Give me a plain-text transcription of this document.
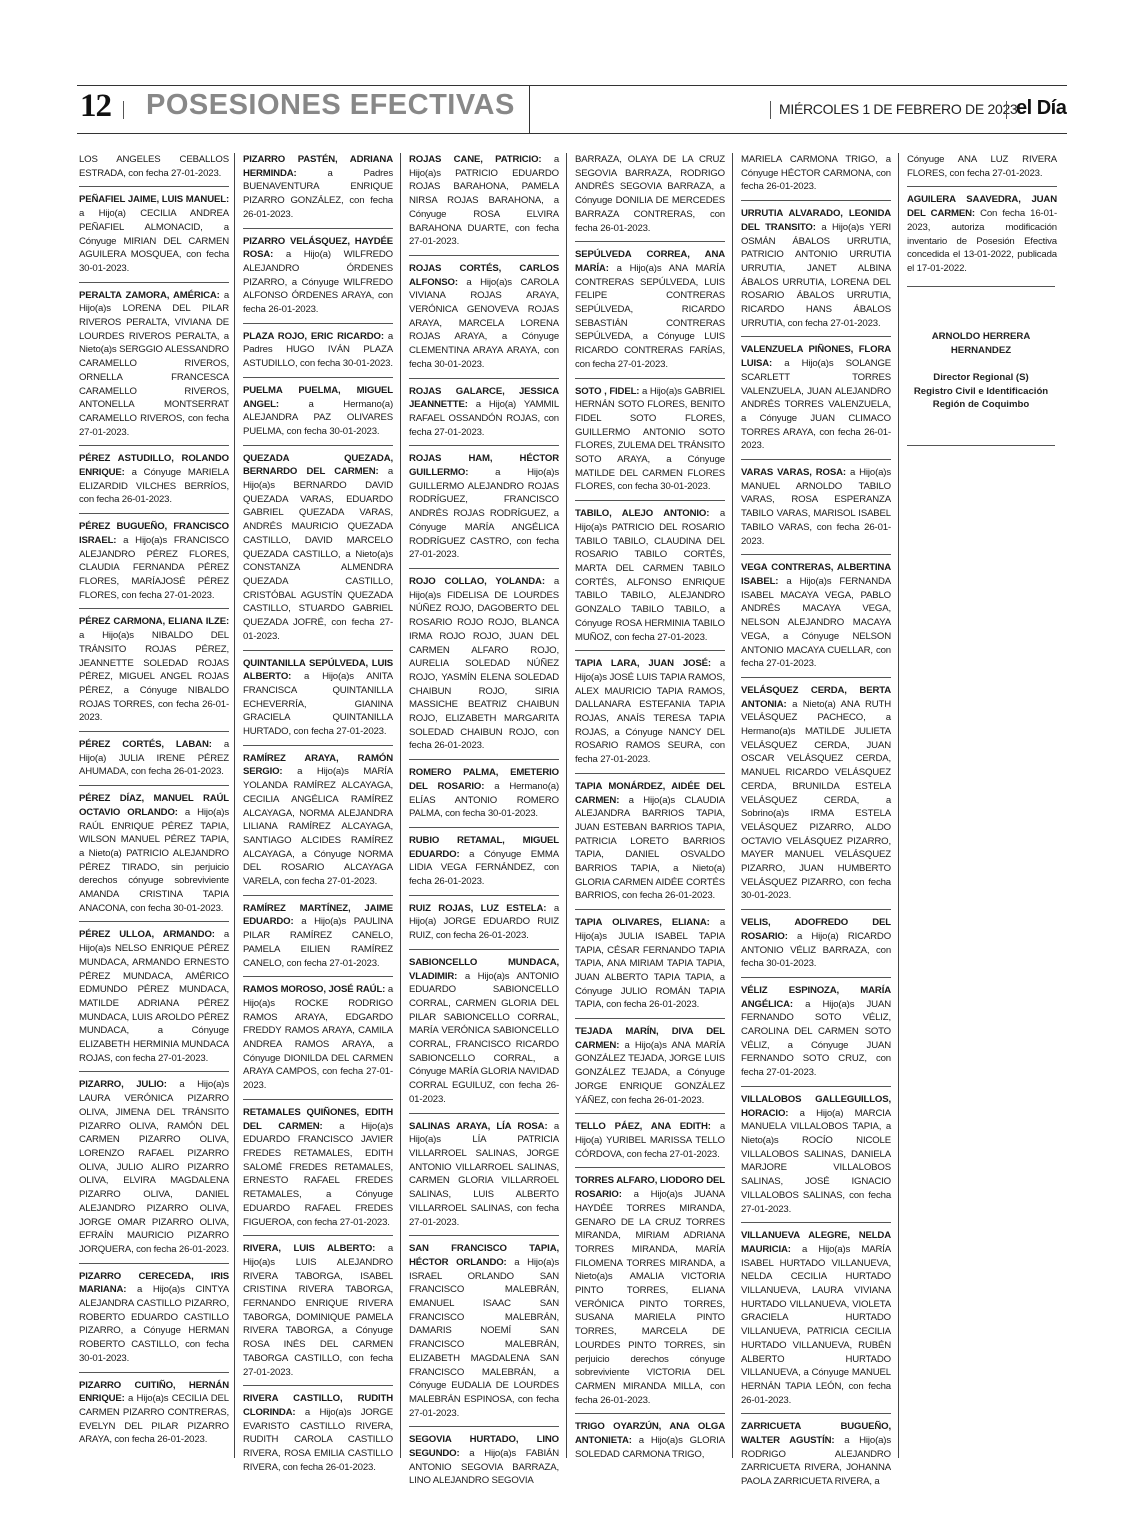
12 POSESIONES EFECTIVAS	MIÉRCOLES 1 DE FEBRERO DE 2023
el Día
LOS ANGELES CEBALLOS ESTRADA, con fecha 27-01-2023.
PEÑAFIEL JAIME, LUIS MANUEL: a Hijo(a) CECILIA ANDREA PEÑAFIEL ALMONACID, a Cónyuge MIRIAN DEL CARMEN AGUILERA MOSQUEA, con fecha 30-01-2023.
PERALTA ZAMORA, AMÉRICA: a Hijo(a)s LORENA DEL PILAR RIVEROS PERALTA, VIVIANA DE LOURDES RIVEROS PERALTA, a Nieto(a)s SERGGIO ALESSANDRO CARAMELLO RIVEROS, ORNELLA FRANCESCA CARAMELLO RIVEROS, ANTONELLA MONTSERRAT CARAMELLO RIVEROS, con fecha 27-01-2023.
PÉREZ ASTUDILLO, ROLANDO ENRIQUE: a Cónyuge MARIELA ELIZARDID VILCHES BERRÍOS, con fecha 26-01-2023.
PÉREZ BUGUEÑO, FRANCISCO ISRAEL: a Hijo(a)s FRANCISCO ALEJANDRO PÉREZ FLORES, CLAUDIA FERNANDA PÉREZ FLORES, MARÍAJOSÉ PÉREZ FLORES, con fecha 27-01-2023.
PÉREZ CARMONA, ELIANA ILZE: a Hijo(a)s NIBALDO DEL TRÁNSITO ROJAS PÉREZ, JEANNETTE SOLEDAD ROJAS PÉREZ, MIGUEL ANGEL ROJAS PÉREZ, a Cónyuge NIBALDO ROJAS TORRES, con fecha 26-01-2023.
PÉREZ CORTÉS, LABAN: a Hijo(a) JULIA IRENE PÉREZ AHUMADA, con fecha 26-01-2023.
PÉREZ DÍAZ, MANUEL RAÚL OCTAVIO ORLANDO: a Hijo(a)s RAÚL ENRIQUE PÉREZ TAPIA, WILSON MANUEL PÉREZ TAPIA, a Nieto(a) PATRICIO ALEJANDRO PÉREZ TIRADO, sin perjuicio derechos cónyuge sobreviviente AMANDA CRISTINA TAPIA ANACONA, con fecha 30-01-2023.
PÉREZ ULLOA, ARMANDO: a Hijo(a)s NELSO ENRIQUE PÉREZ MUNDACA, ARMANDO ERNESTO PÉREZ MUNDACA, AMÉRICO EDMUNDO PÉREZ MUNDACA, MATILDE ADRIANA PÉREZ MUNDACA, LUIS AROLDO PÉREZ MUNDACA, a Cónyuge ELIZABETH HERMINIA MUNDACA ROJAS, con fecha 27-01-2023.
PIZARRO, JULIO: a Hijo(a)s LAURA VERÓNICA PIZARRO OLIVA, JIMENA DEL TRÁNSITO PIZARRO OLIVA, RAMÓN DEL CARMEN PIZARRO OLIVA, LORENZO RAFAEL PIZARRO OLIVA, JULIO ALIRO PIZARRO OLIVA, ELVIRA MAGDALENA PIZARRO OLIVA, DANIEL ALEJANDRO PIZARRO OLIVA, JORGE OMAR PIZARRO OLIVA, EFRAÍN MAURICIO PIZARRO JORQUERA, con fecha 26-01-2023.
PIZARRO CERECEDA, IRIS MARIANA: a Hijo(a)s CINTYA ALEJANDRA CASTILLO PIZARRO, ROBERTO EDUARDO CASTILLO PIZARRO, a Cónyuge HERMAN ROBERTO CASTILLO, con fecha 30-01-2023.
PIZARRO CUITIÑO, HERNÁN ENRIQUE: a Hijo(a)s CECILIA DEL CARMEN PIZARRO CONTRERAS, EVELYN DEL PILAR PIZARRO ARAYA, con fecha 26-01-2023.
PIZARRO PASTÉN, ADRIANA HERMINDA:	a Padres BUENAVENTURA ENRIQUE PIZARRO GONZÁLEZ, con fecha 26-01-2023.
PIZARRO VELÁSQUEZ, HAYDÉE ROSA: a Hijo(a) WILFREDO ALEJANDRO ÓRDENES PIZARRO, a Cónyuge WILFREDO ALFONSO ÓRDENES ARAYA, con fecha 26-01-2023.
PLAZA ROJO, ERIC RICARDO: a Padres HUGO IVÁN PLAZA ASTUDILLO, con fecha 30-01-2023.
PUELMA PUELMA, MIGUEL ANGEL:	a Hermano(a) ALEJANDRA PAZ OLIVARES PUELMA, con fecha 30-01-2023.
QUEZADA QUEZADA, BERNARDO DEL CARMEN: a Hijo(a)s BERNARDO DAVID QUEZADA VARAS, EDUARDO GABRIEL QUEZADA VARAS, ANDRÉS MAURICIO QUEZADA CASTILLO, DAVID MARCELO QUEZADA CASTILLO, a Nieto(a)s CONSTANZA ALMENDRA QUEZADA CASTILLO, CRISTÓBAL AGUSTÍN QUEZADA CASTILLO, STUARDO GABRIEL QUEZADA JOFRÉ, con fecha 27-01-2023.
QUINTANILLA SEPÚLVEDA, LUIS ALBERTO: a Hijo(a)s ANITA FRANCISCA QUINTANILLA ECHEVERRÍA, GIANINA GRACIELA QUINTANILLA HURTADO, con fecha 27-01-2023.
RAMÍREZ ARAYA, RAMÓN SERGIO: a Hijo(a)s MARÍA YOLANDA RAMÍREZ ALCAYAGA, CECILIA ANGÉLICA RAMÍREZ ALCAYAGA, NORMA ALEJANDRA LILIANA RAMÍREZ ALCAYAGA, SANTIAGO ALCIDES RAMÍREZ ALCAYAGA, a Cónyuge NORMA DEL ROSARIO ALCAYAGA VARELA, con fecha 27-01-2023.
RAMÍREZ MARTÍNEZ, JAIME EDUARDO: a Hijo(a)s PAULINA PILAR RAMÍREZ CANELO, PAMELA EILIEN RAMÍREZ CANELO, con fecha 27-01-2023.
RAMOS MOROSO, JOSÉ RAÚL: a Hijo(a)s ROCKE RODRIGO RAMOS ARAYA, EDGARDO FREDDY RAMOS ARAYA, CAMILA ANDREA RAMOS ARAYA, a Cónyuge DIONILDA DEL CARMEN ARAYA CAMPOS, con fecha 27-01-2023.
RETAMALES QUIÑONES, EDITH DEL CARMEN: a Hijo(a)s EDUARDO FRANCISCO JAVIER FREDES RETAMALES, EDITH SALOMÉ FREDES RETAMALES, ERNESTO RAFAEL FREDES RETAMALES, a Cónyuge EDUARDO RAFAEL FREDES FIGUEROA, con fecha 27-01-2023.
RIVERA, LUIS ALBERTO: a Hijo(a)s LUIS ALEJANDRO RIVERA TABORGA, ISABEL CRISTINA RIVERA TABORGA, FERNANDO ENRIQUE RIVERA TABORGA, DOMINIQUE PAMELA RIVERA TABORGA, a Cónyuge ROSA INÉS DEL CARMEN TABORGA CASTILLO, con fecha 27-01-2023.
RIVERA CASTILLO, RUDITH CLORINDA: a Hijo(a)s JORGE EVARISTO CASTILLO RIVERA, RUDITH CAROLA CASTILLO RIVERA, ROSA EMILIA CASTILLO RIVERA, con fecha 26-01-2023.
ROJAS CANE, PATRICIO: a Hijo(a)s PATRICIO EDUARDO ROJAS BARAHONA, PAMELA NIRSA ROJAS BARAHONA, a Cónyuge ROSA ELVIRA BARAHONA DUARTE, con fecha 27-01-2023.
ROJAS CORTÉS, CARLOS ALFONSO: a Hijo(a)s CAROLA VIVIANA ROJAS ARAYA, VERÓNICA GENOVEVA ROJAS ARAYA, MARCELA LORENA ROJAS ARAYA, a Cónyuge CLEMENTINA ARAYA ARAYA, con fecha 30-01-2023.
ROJAS GALARCE, JESSICA JEANNETTE: a Hijo(a) YAMMIL RAFAEL OSSANDÓN ROJAS, con fecha 27-01-2023.
ROJAS HAM, HÉCTOR GUILLERMO:	a Hijo(a)s GUILLERMO ALEJANDRO ROJAS RODRÍGUEZ, FRANCISCO ANDRÉS ROJAS RODRÍGUEZ, a Cónyuge MARÍA ANGÉLICA RODRÍGUEZ CASTRO, con fecha 27-01-2023.
ROJO COLLAO, YOLANDA: a Hijo(a)s FIDELISA DE LOURDES NÚÑEZ ROJO, DAGOBERTO DEL ROSARIO ROJO ROJO, BLANCA IRMA ROJO ROJO, JUAN DEL CARMEN ALFARO ROJO, AURELIA SOLEDAD NÚÑEZ ROJO, YASMÍN ELENA SOLEDAD CHAIBUN ROJO, SIRIA MASSICHE BEATRIZ CHAIBUN ROJO, ELIZABETH MARGARITA SOLEDAD CHAIBUN ROJO, con fecha 26-01-2023.
ROMERO PALMA, EMETERIO DEL ROSARIO: a Hermano(a) ELÍAS ANTONIO ROMERO PALMA, con fecha 30-01-2023.
RUBIO RETAMAL, MIGUEL EDUARDO: a Cónyuge EMMA LIDIA VEGA FERNÁNDEZ, con fecha 26-01-2023.
RUIZ ROJAS, LUZ ESTELA: a Hijo(a) JORGE EDUARDO RUIZ RUIZ, con fecha 26-01-2023.
SABIONCELLO MUNDACA, VLADIMIR: a Hijo(a)s ANTONIO EDUARDO SABIONCELLO CORRAL, CARMEN GLORIA DEL PILAR SABIONCELLO CORRAL, MARÍA VERÓNICA SABIONCELLO CORRAL, FRANCISCO RICARDO SABIONCELLO CORRAL, a Cónyuge MARÍA GLORIA NAVIDAD CORRAL EGUILUZ, con fecha 26-01-2023.
SALINAS ARAYA, LÍA ROSA: a Hijo(a)s LÍA PATRICIA VILLARROEL SALINAS, JORGE ANTONIO VILLARROEL SALINAS, CARMEN GLORIA VILLARROEL SALINAS, LUIS ALBERTO VILLARROEL SALINAS, con fecha 27-01-2023.
SAN FRANCISCO TAPIA, HÉCTOR ORLANDO: a Hijo(a)s ISRAEL ORLANDO SAN FRANCISCO MALEBRÁN, EMANUEL ISAAC SAN FRANCISCO MALEBRÁN, DAMARIS NOEMÍ SAN FRANCISCO MALEBRÁN, ELIZABETH MAGDALENA SAN FRANCISCO MALEBRÁN, a Cónyuge EUDALIA DE LOURDES MALEBRÁN ESPINOSA, con fecha 27-01-2023.
SEGOVIA HURTADO, LINO SEGUNDO: a Hijo(a)s FABIÁN ANTONIO SEGOVIA BARRAZA, LINO ALEJANDRO SEGOVIA
BARRAZA, OLAYA DE LA CRUZ SEGOVIA BARRAZA, RODRIGO ANDRÉS SEGOVIA BARRAZA, a Cónyuge DONILIA DE MERCEDES BARRAZA CONTRERAS, con fecha 26-01-2023.
SEPÚLVEDA CORREA, ANA MARÍA: a Hijo(a)s ANA MARÍA CONTRERAS SEPÚLVEDA, LUIS FELIPE CONTRERAS SEPÚLVEDA, RICARDO SEBASTIÁN CONTRERAS SEPÚLVEDA, a Cónyuge LUIS RICARDO CONTRERAS FARÍAS, con fecha 27-01-2023.
SOTO , FIDEL: a Hijo(a)s GABRIEL HERNÁN SOTO FLORES, BENITO FIDEL SOTO FLORES, GUILLERMO ANTONIO SOTO FLORES, ZULEMA DEL TRÁNSITO SOTO ARAYA, a Cónyuge MATILDE DEL CARMEN FLORES FLORES, con fecha 30-01-2023.
TABILO, ALEJO ANTONIO: a Hijo(a)s PATRICIO DEL ROSARIO TABILO TABILO, CLAUDINA DEL ROSARIO TABILO CORTÉS, MARTA DEL CARMEN TABILO CORTÉS, ALFONSO ENRIQUE TABILO TABILO, ALEJANDRO GONZALO TABILO TABILO, a Cónyuge ROSA HERMINIA TABILO MUÑOZ, con fecha 27-01-2023.
TAPIA LARA, JUAN JOSÉ: a Hijo(a)s JOSÉ LUIS TAPIA RAMOS, ALEX MAURICIO TAPIA RAMOS, DALLANARA ESTEFANIA TAPIA ROJAS, ANAÍS TERESA TAPIA ROJAS, a Cónyuge NANCY DEL ROSARIO RAMOS SEURA, con fecha 27-01-2023.
TAPIA MONÁRDEZ, AIDÉE DEL CARMEN: a Hijo(a)s CLAUDIA ALEJANDRA BARRIOS TAPIA, JUAN ESTEBAN BARRIOS TAPIA, PATRICIA LORETO BARRIOS TAPIA, DANIEL OSVALDO BARRIOS TAPIA, a Nieto(a) GLORIA CARMEN AIDÉE CORTÉS BARRIOS, con fecha 26-01-2023.
TAPIA OLIVARES, ELIANA: a Hijo(a)s JULIA ISABEL TAPIA TAPIA, CÉSAR FERNANDO TAPIA TAPIA, ANA MIRIAM TAPIA TAPIA, JUAN ALBERTO TAPIA TAPIA, a Cónyuge JULIO ROMÁN TAPIA TAPIA, con fecha 26-01-2023.
TEJADA MARÍN, DIVA DEL CARMEN: a Hijo(a)s ANA MARÍA GONZÁLEZ TEJADA, JORGE LUIS GONZÁLEZ TEJADA, a Cónyuge JORGE ENRIQUE GONZÁLEZ YÁÑEZ, con fecha 26-01-2023.
TELLO PÁEZ, ANA EDITH: a Hijo(a) YURIBEL MARISSA TELLO CÓRDOVA, con fecha 27-01-2023.
TORRES ALFARO, LIODORO DEL ROSARIO: a Hijo(a)s JUANA HAYDÉE TORRES MIRANDA, GENARO DE LA CRUZ TORRES MIRANDA, MIRIAM ADRIANA TORRES MIRANDA, MARÍA FILOMENA TORRES MIRANDA, a Nieto(a)s AMALIA VICTORIA PINTO TORRES, ELIANA VERÓNICA PINTO TORRES, SUSANA MARIELA PINTO TORRES, MARCELA DE LOURDES PINTO TORRES, sin perjuicio derechos cónyuge sobreviviente VICTORIA DEL CARMEN MIRANDA MILLA, con fecha 26-01-2023.
TRIGO OYARZÚN, ANA OLGA ANTONIETA: a Hijo(a)s GLORIA SOLEDAD CARMONA TRIGO,
MARIELA CARMONA TRIGO, a Cónyuge HÉCTOR CARMONA, con fecha 26-01-2023.
URRUTIA ALVARADO, LEONIDA DEL TRANSITO: a Hijo(a)s YERI OSMÁN ÁBALOS URRUTIA, PATRICIO ANTONIO URRUTIA URRUTIA, JANET ALBINA ÁBALOS URRUTIA, LORENA DEL ROSARIO ÁBALOS URRUTIA, RICARDO HANS ÁBALOS URRUTIA, con fecha 27-01-2023.
VALENZUELA PIÑONES, FLORA LUISA: a Hijo(a)s SOLANGE SCARLETT TORRES VALENZUELA, JUAN ALEJANDRO ANDRÉS TORRES VALENZUELA, a Cónyuge JUAN CLIMACO TORRES ARAYA, con fecha 26-01-2023.
VARAS VARAS, ROSA: a Hijo(a)s MANUEL ARNOLDO TABILO VARAS, ROSA ESPERANZA TABILO VARAS, MARISOL ISABEL TABILO VARAS, con fecha 26-01-2023.
VEGA CONTRERAS, ALBERTINA ISABEL: a Hijo(a)s FERNANDA ISABEL MACAYA VEGA, PABLO ANDRÉS MACAYA VEGA, NELSON ALEJANDRO MACAYA VEGA, a Cónyuge NELSON ANTONIO MACAYA CUELLAR, con fecha 27-01-2023.
VELÁSQUEZ CERDA, BERTA ANTONIA: a Nieto(a) ANA RUTH VELÁSQUEZ PACHECO, a Hermano(a)s MATILDE JULIETA VELÁSQUEZ CERDA, JUAN OSCAR VELÁSQUEZ CERDA, MANUEL RICARDO VELÁSQUEZ CERDA, BRUNILDA ESTELA VELÁSQUEZ CERDA, a Sobrino(a)s IRMA ESTELA VELÁSQUEZ PIZARRO, ALDO OCTAVIO VELÁSQUEZ PIZARRO, MAYER MANUEL VELÁSQUEZ PIZARRO, JUAN HUMBERTO VELÁSQUEZ PIZARRO, con fecha 30-01-2023.
VELIS, ADOFREDO DEL ROSARIO: a Hijo(a) RICARDO ANTONIO VÉLIZ BARRAZA, con fecha 30-01-2023.
VÉLIZ ESPINOZA, MARÍA ANGÉLICA: a Hijo(a)s JUAN FERNANDO SOTO VÉLIZ, CAROLINA DEL CARMEN SOTO VÉLIZ, a Cónyuge JUAN FERNANDO SOTO CRUZ, con fecha 27-01-2023.
VILLALOBOS GALLEGUILLOS, HORACIO: a Hijo(a) MARCIA MANUELA VILLALOBOS TAPIA, a Nieto(a)s ROCÍO NICOLE VILLALOBOS SALINAS, DANIELA MARJORE VILLALOBOS SALINAS, JOSÉ IGNACIO VILLALOBOS SALINAS, con fecha 27-01-2023.
VILLANUEVA ALEGRE, NELDA MAURICIA: a Hijo(a)s MARÍA ISABEL HURTADO VILLANUEVA, NELDA CECILIA HURTADO VILLANUEVA, LAURA VIVIANA HURTADO VILLANUEVA, VIOLETA GRACIELA HURTADO VILLANUEVA, PATRICIA CECILIA HURTADO VILLANUEVA, RUBÉN ALBERTO HURTADO VILLANUEVA, a Cónyuge MANUEL HERNÁN TAPIA LEÓN, con fecha 26-01-2023.
ZARRICUETA BUGUEÑO, WALTER AGUSTÍN: a Hijo(a)s RODRIGO ALEJANDRO ZARRICUETA RIVERA, JOHANNA PAOLA ZARRICUETA RIVERA, a
Cónyuge ANA LUZ RIVERA FLORES, con fecha 27-01-2023.
AGUILERA SAAVEDRA, JUAN DEL CARMEN: Con fecha 16-01-2023, autoriza modificación inventario de Posesión Efectiva concedida el 13-01-2022, publicada el 17-01-2022.
ARNOLDO HERRERA
HERNANDEZ
Director Regional (S)
Registro Civil e Identificación
Región de Coquimbo
